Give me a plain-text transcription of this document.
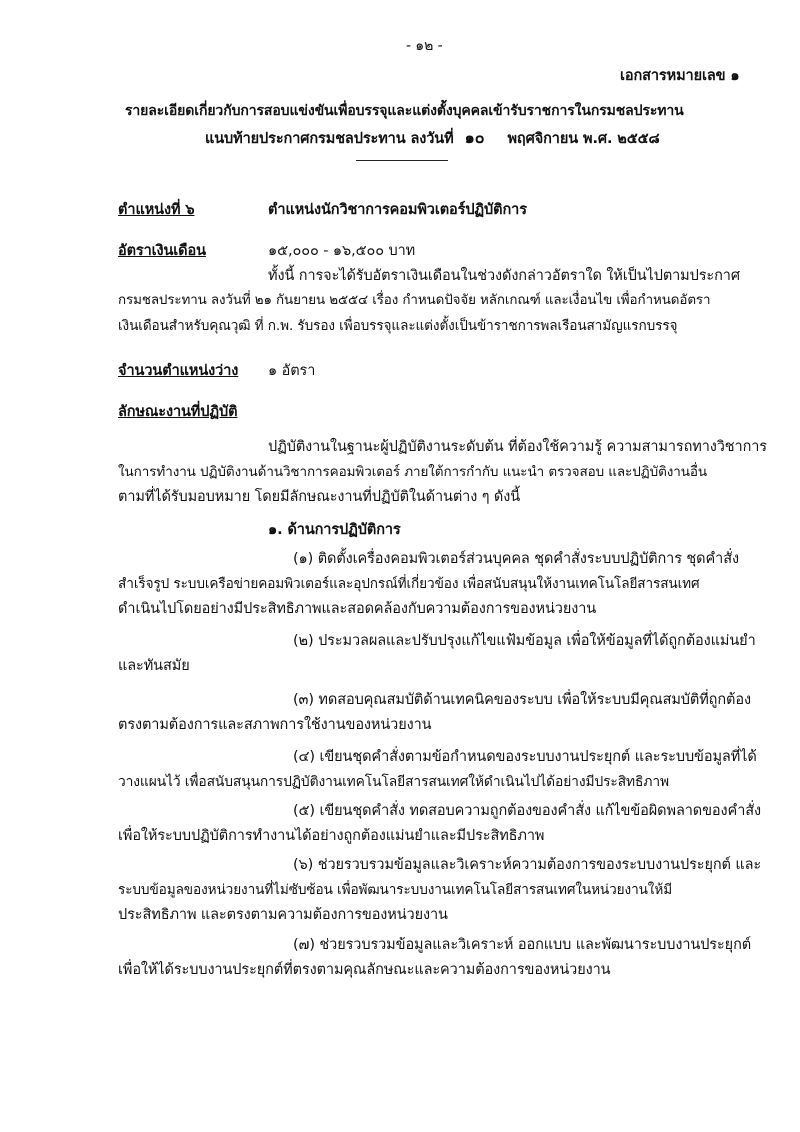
- ๑๒ -
เอกสารหมายเลข ๑
รายละเอียดเกี่ยวกับการสอบแข่งขันเพื่อบรรจุและแต่งตั้งบุคคลเข้ารับราชการในกรมชลประทาน
แนบท้ายประกาศกรมชลประทาน ลงวันที่ ๑๐ พฤศจิกายน พ.ศ. ๒๕๕๘
ตำแหน่งที่ ๖	ตำแหน่งนักวิชาการคอมพิวเตอร์ปฏิบัติการ
อัตราเงินเดือน	๑๕,๐๐๐ - ๑๖,๕๐๐ บาท
ทั้งนี้ การจะได้รับอัตราเงินเดือนในช่วงดังกล่าวอัตราใด ให้เป็นไปตามประกาศ
กรมชลประทาน ลงวันที่ ๒๑ กันยายน ๒๕๕๔ เรื่อง กำหนดปัจจัย หลักเกณฑ์ และเงื่อนไข เพื่อกำหนดอัตรา
เงินเดือนสำหรับคุณวุฒิ ที่ ก.พ. รับรอง เพื่อบรรจุและแต่งตั้งเป็นข้าราชการพลเรือนสามัญแรกบรรจุ
จำนวนตำแหน่งว่าง ๑ อัตรา
ลักษณะงานที่ปฏิบัติ
ปฏิบัติงานในฐานะผู้ปฏิบัติงานระดับต้น ที่ต้องใช้ความรู้ ความสามารถทางวิชาการ
ในการทำงาน ปฏิบัติงานด้านวิชาการคอมพิวเตอร์ ภายใต้การกำกับ แนะนำ ตรวจสอบ และปฏิบัติงานอื่น
ตามที่ได้รับมอบหมาย โดยมีลักษณะงานที่ปฏิบัติในด้านต่าง ๆ ดังนี้
๑. ด้านการปฏิบัติการ
(๑) ติดตั้งเครื่องคอมพิวเตอร์ส่วนบุคคล ชุดคำสั่งระบบปฏิบัติการ ชุดคำสั่ง
สำเร็จรูป ระบบเครือข่ายคอมพิวเตอร์และอุปกรณ์ที่เกี่ยวข้อง เพื่อสนับสนุนให้งานเทคโนโลยีสารสนเทศ
ดำเนินไปโดยอย่างมีประสิทธิภาพและสอดคล้องกับความต้องการของหน่วยงาน
(๒) ประมวลผลและปรับปรุงแก้ไขแฟ้มข้อมูล เพื่อให้ข้อมูลที่ได้ถูกต้องแม่นยำ
และทันสมัย
(๓) ทดสอบคุณสมบัติด้านเทคนิคของระบบ เพื่อให้ระบบมีคุณสมบัติที่ถูกต้อง
ตรงตามต้องการและสภาพการใช้งานของหน่วยงาน
(๔) เขียนชุดคำสั่งตามข้อกำหนดของระบบงานประยุกต์ และระบบข้อมูลที่ได้
วางแผนไว้ เพื่อสนับสนุนการปฏิบัติงานเทคโนโลยีสารสนเทศให้ดำเนินไปได้อย่างมีประสิทธิภาพ
(๕) เขียนชุดคำสั่ง ทดสอบความถูกต้องของคำสั่ง แก้ไขข้อผิดพลาดของคำสั่ง
เพื่อให้ระบบปฏิบัติการทำงานได้อย่างถูกต้องแม่นยำและมีประสิทธิภาพ
(๖) ช่วยรวบรวมข้อมูลและวิเคราะห์ความต้องการของระบบงานประยุกต์ และ
ระบบข้อมูลของหน่วยงานที่ไม่ซับซ้อน เพื่อพัฒนาระบบงานเทคโนโลยีสารสนเทศในหน่วยงานให้มี
ประสิทธิภาพ และตรงตามความต้องการของหน่วยงาน
(๗) ช่วยรวบรวมข้อมูลและวิเคราะห์ ออกแบบ และพัฒนาระบบงานประยุกต์
เพื่อให้ได้ระบบงานประยุกต์ที่ตรงตามคุณลักษณะและความต้องการของหน่วยงาน
